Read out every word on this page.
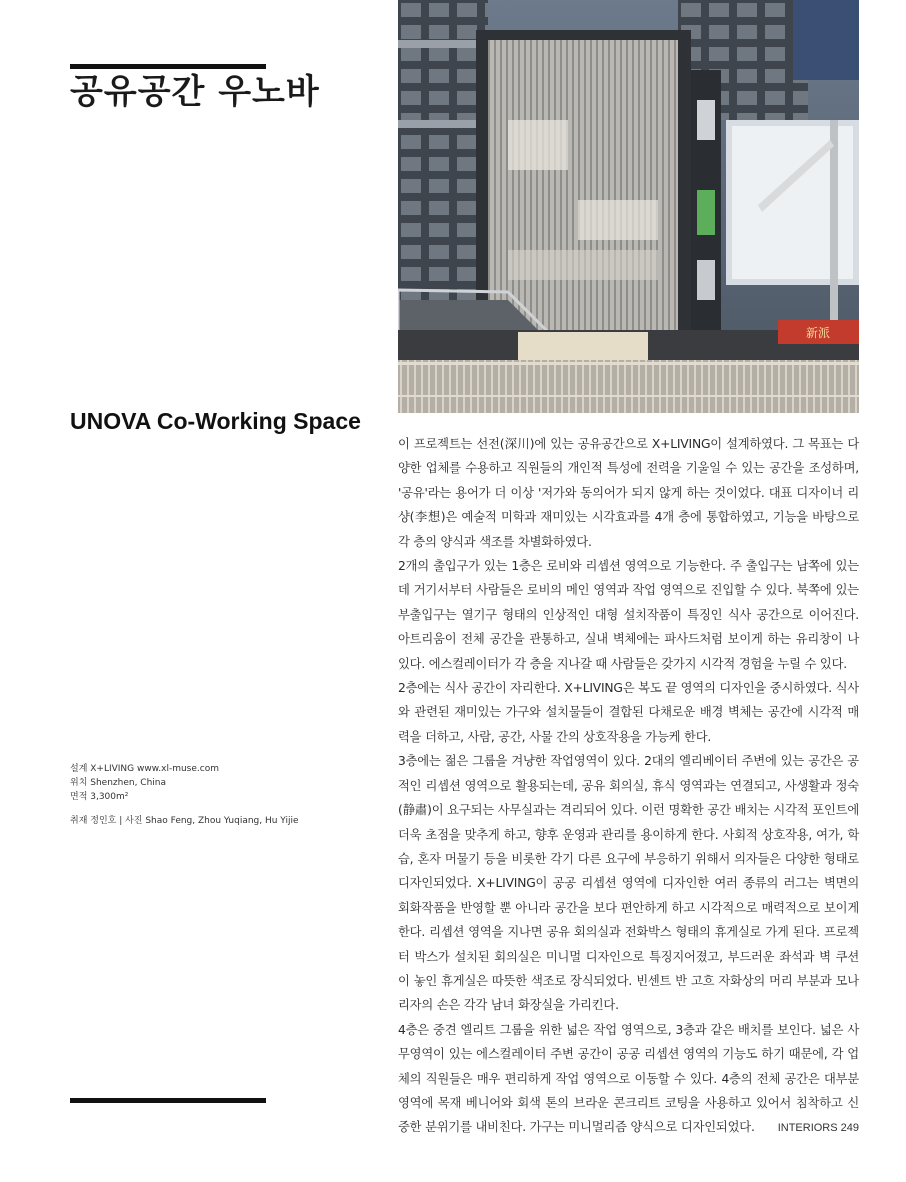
공유공간 우노바
UNOVA Co-Working Space
新派

설계 X+LIVING www.xl-muse.com

위치 Shenzhen, China

면적 3,300m²

취재 정인호 | 사진 Shao Feng, Zhou Yuqiang, Hu Yijie

이 프로젝트는 선전(深川)에 있는 공유공간으로 X+LIVING이 설계하였다. 그 목표는 다양한 업체를 수용하고 직원들의 개인적 특성에 전력을 기울일 수 있는 공간을 조성하며, '공유'라는 용어가 더 이상 '저가와 동의어가 되지 않게 하는 것이었다. 대표 디자이너 리샹(李想)은 예술적 미학과 재미있는 시각효과를 4개 층에 통합하였고, 기능을 바탕으로 각 층의 양식과 색조를 차별화하였다.

2개의 출입구가 있는 1층은 로비와 리셉션 영역으로 기능한다. 주 출입구는 남쪽에 있는데 거기서부터 사람들은 로비의 메인 영역과 작업 영역으로 진입할 수 있다. 북쪽에 있는 부출입구는 열기구 형태의 인상적인 대형 설치작품이 특징인 식사 공간으로 이어진다. 아트리움이 전체 공간을 관통하고, 실내 벽체에는 파사드처럼 보이게 하는 유리창이 나 있다. 에스컬레이터가 각 층을 지나갈 때 사람들은 갖가지 시각적 경험을 누릴 수 있다.

2층에는 식사 공간이 자리한다. X+LIVING은 복도 끝 영역의 디자인을 중시하였다. 식사와 관련된 재미있는 가구와 설치물들이 결합된 다채로운 배경 벽체는 공간에 시각적 매력을 더하고, 사람, 공간, 사물 간의 상호작용을 가능케 한다.

3층에는 젊은 그룹을 겨냥한 작업영역이 있다. 2대의 엘리베이터 주변에 있는 공간은 공적인 리셉션 영역으로 활용되는데, 공유 회의실, 휴식 영역과는 연결되고, 사생활과 정숙(静肅)이 요구되는 사무실과는 격리되어 있다. 이런 명확한 공간 배치는 시각적 포인트에 더욱 초점을 맞추게 하고, 향후 운영과 관리를 용이하게 한다. 사회적 상호작용, 여가, 학습, 혼자 머물기 등을 비롯한 각기 다른 요구에 부응하기 위해서 의자들은 다양한 형태로 디자인되었다. X+LIVING이 공공 리셉션 영역에 디자인한 여러 종류의 러그는 벽면의 회화작품을 반영할 뿐 아니라 공간을 보다 편안하게 하고 시각적으로 매력적으로 보이게 한다. 리셉션 영역을 지나면 공유 회의실과 전화박스 형태의 휴게실로 가게 된다. 프로젝터 박스가 설치된 회의실은 미니멀 디자인으로 특징지어졌고, 부드러운 좌석과 벽 쿠션이 놓인 휴게실은 따뜻한 색조로 장식되었다. 빈센트 반 고흐 자화상의 머리 부분과 모나리자의 손은 각각 남녀 화장실을 가리킨다.

4층은 중견 엘리트 그룹을 위한 넓은 작업 영역으로, 3층과 같은 배치를 보인다. 넓은 사무영역이 있는 에스컬레이터 주변 공간이 공공 리셉션 영역의 기능도 하기 때문에, 각 업체의 직원들은 매우 편리하게 작업 영역으로 이동할 수 있다. 4층의 전체 공간은 대부분 영역에 목재 베니어와 회색 톤의 브라운 콘크리트 코팅을 사용하고 있어서 침착하고 신중한 분위기를 내비친다. 가구는 미니멀리즘 양식으로 디자인되었다.	INTERIORS 249
